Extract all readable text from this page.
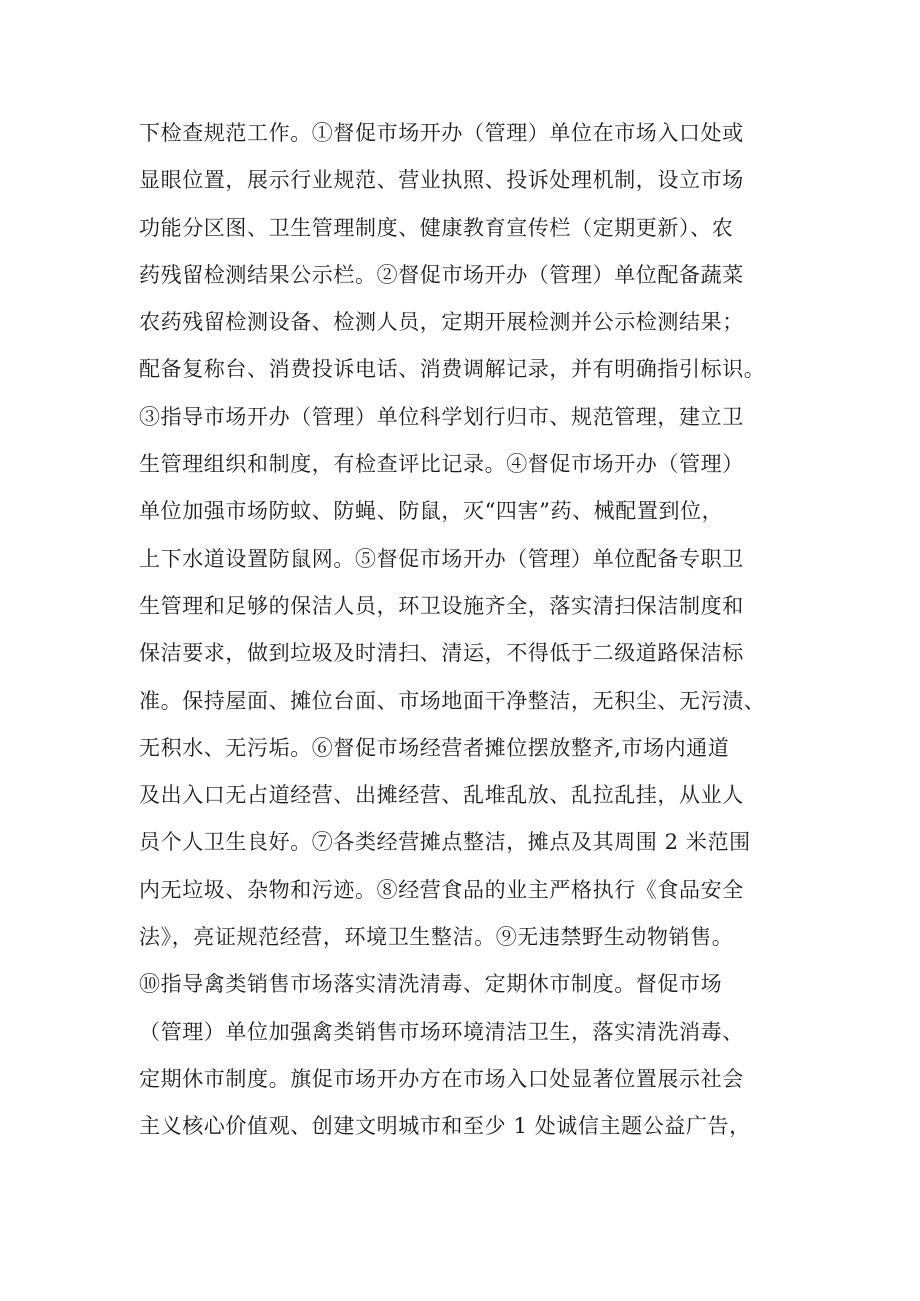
下检查规范工作。①督促市场开办（管理）单位在市场入口处或
显眼位置，展示行业规范、营业执照、投诉处理机制，设立市场
功能分区图、卫生管理制度、健康教育宣传栏（定期更新）、农
药残留检测结果公示栏。②督促市场开办（管理）单位配备蔬菜
农药残留检测设备、检测人员，定期开展检测并公示检测结果；
配备复称台、消费投诉电话、消费调解记录，并有明确指引标识。
③指导市场开办（管理）单位科学划行归市、规范管理，建立卫
生管理组织和制度，有检查评比记录。④督促市场开办（管理）
单位加强市场防蚊、防蝇、防鼠，灭“四害”药、械配置到位，
上下水道设置防鼠网。⑤督促市场开办（管理）单位配备专职卫
生管理和足够的保洁人员，环卫设施齐全，落实清扫保洁制度和
保洁要求，做到垃圾及时清扫、清运，不得低于二级道路保洁标
准。保持屋面、摊位台面、市场地面干净整洁，无积尘、无污渍、
无积水、无污垢。⑥督促市场经营者摊位摆放整齐,市场内通道
及出入口无占道经营、出摊经营、乱堆乱放、乱拉乱挂，从业人
员个人卫生良好。⑦各类经营摊点整洁，摊点及其周围 2 米范围
内无垃圾、杂物和污迹。⑧经营食品的业主严格执行《食品安全
法》，亮证规范经营，环境卫生整洁。⑨无违禁野生动物销售。
⑩指导禽类销售市场落实清洗清毒、定期休市制度。督促市场
（管理）单位加强禽类销售市场环境清洁卫生，落实清洗消毒、
定期休市制度。旗促市场开办方在市场入口处显著位置展示社会
主义核心价值观、创建文明城市和至少 1 处诚信主题公益广告，
